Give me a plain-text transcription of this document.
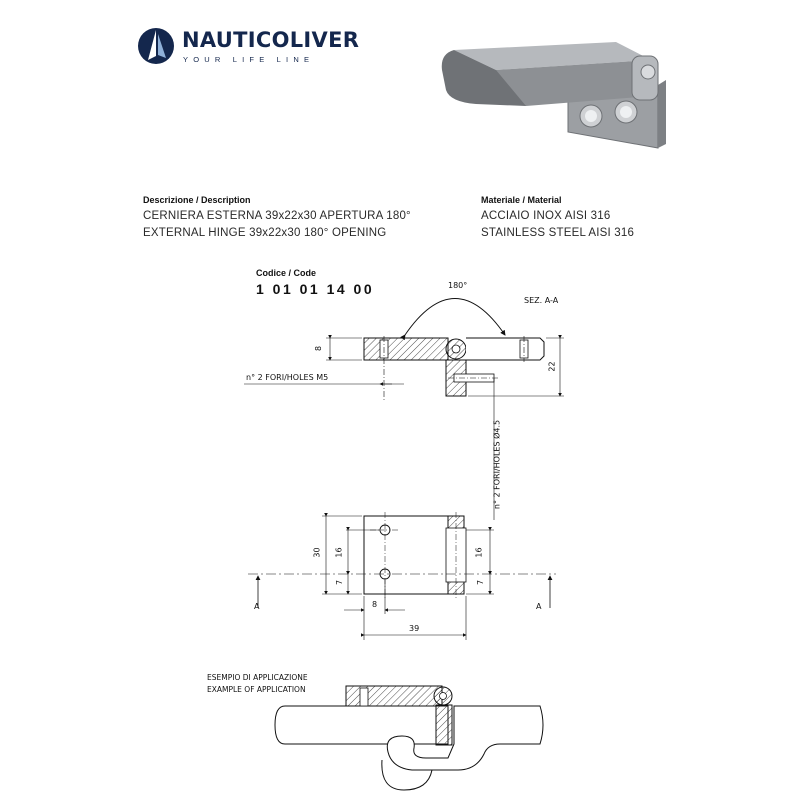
NAUTICOLIVER
YOUR LIFE LINE
Descrizione / Description
CERNIERA ESTERNA 39x22x30 APERTURA 180°
EXTERNAL HINGE 39x22x30 180° OPENING
Materiale / Material
ACCIAIO INOX AISI 316
STAINLESS STEEL AISI 316
Codice / Code
1 01 01 14 00	180°
SEZ. A-A
8
22
n° 2 FORI/HOLES M5
n° 2 FORI/HOLES Ø4.5
30 16
7
16
7
8
39
A	A
ESEMPIO DI APPLICAZIONE
EXAMPLE OF APPLICATION
